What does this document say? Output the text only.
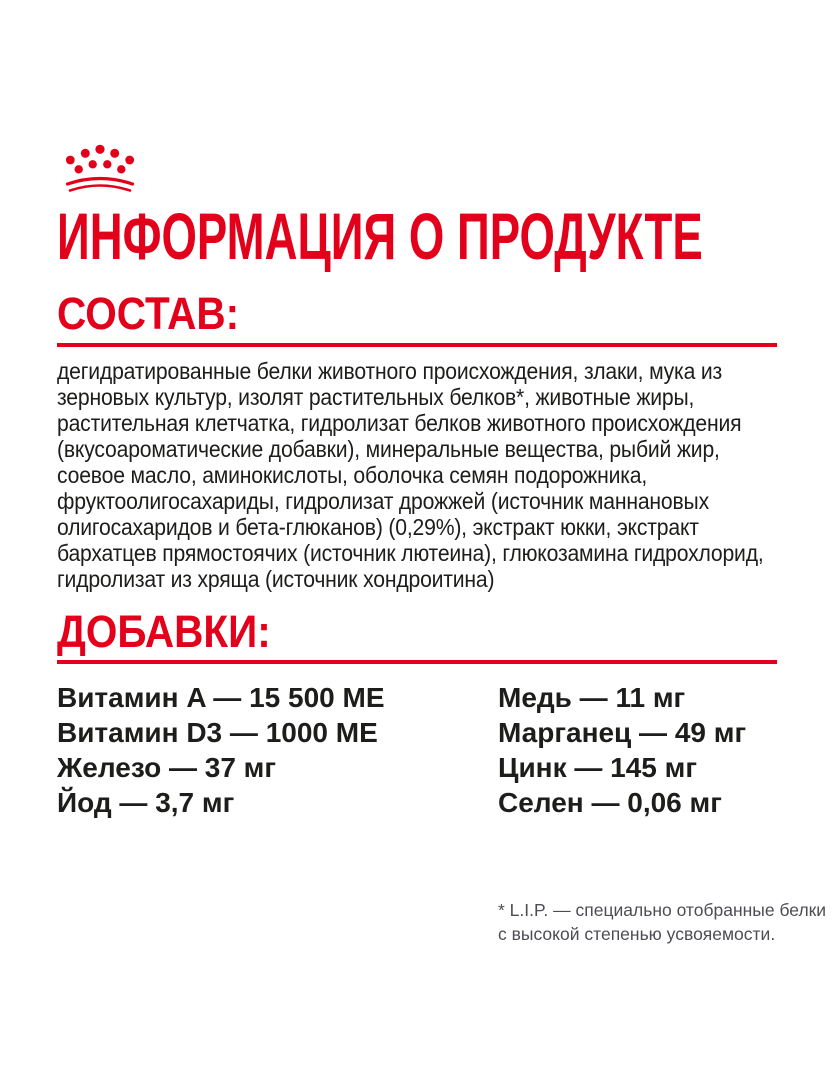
ИНФОРМАЦИЯ О ПРОДУКТЕ
СОСТАВ:

дегидратированные белки животного происхождения, злаки, мука из зерновых культур, изолят растительных белков*, животные жиры, растительная клетчатка, гидролизат белков животного происхождения (вкусоароматические добавки), минеральные вещества, рыбий жир, соевое масло, аминокислоты, оболочка семян подорожника, фруктоолигосахариды, гидролизат дрожжей (источник маннановых олигосахаридов и бета-глюканов) (0,29%), экстракт юкки, экстракт бархатцев прямостоячих (источник лютеина), глюкозамина гидрохлорид, гидролизат из хряща (источник хондроитина)

ДОБАВКИ:
Витамин A — 15 500 МЕ
Витамин D3 — 1000 МЕ
Железо — 37 мг
Йод — 3,7 мг
Медь — 11 мг
Марганец — 49 мг
Цинк — 145 мг
Селен — 0,06 мг

* L.I.P. — специально отобранные белки
с высокой степенью усвояемости.
